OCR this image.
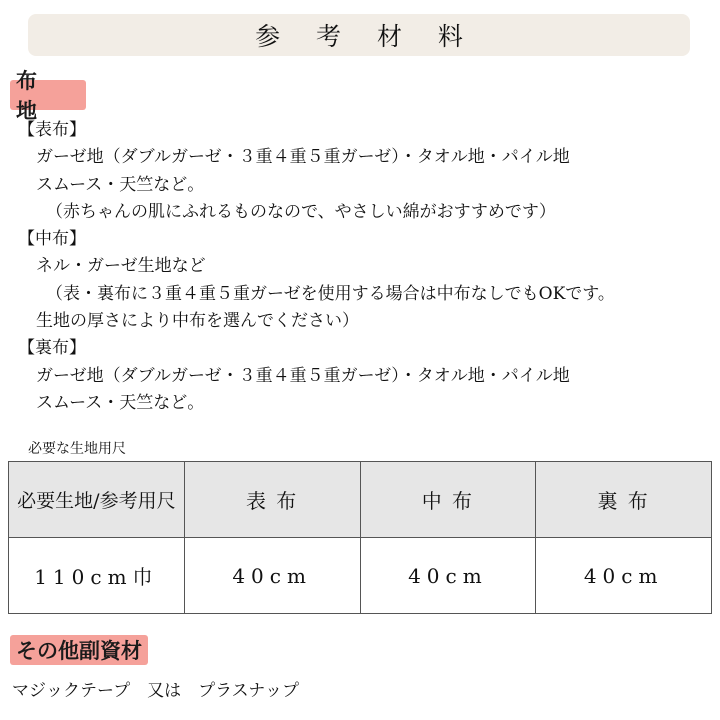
参 考 材 料
布 地
【表布】
ガーゼ地（ダブルガーゼ・３重４重５重ガーゼ）・タオル地・パイル地
スムース・天竺など。
（赤ちゃんの肌にふれるものなので、やさしい綿がおすすめです）
【中布】
ネル・ガーゼ生地など
（表・裏布に３重４重５重ガーゼを使用する場合は中布なしでもOKです。
生地の厚さにより中布を選んでください）
【裏布】
ガーゼ地（ダブルガーゼ・３重４重５重ガーゼ）・タオル地・パイル地
スムース・天竺など。
必要な生地用尺
必要生地/参考用尺	表 布	中 布	裏 布
110cm巾	40cm	40cm	40cm
その他副資材
マジックテープ　又は　プラスナップ
